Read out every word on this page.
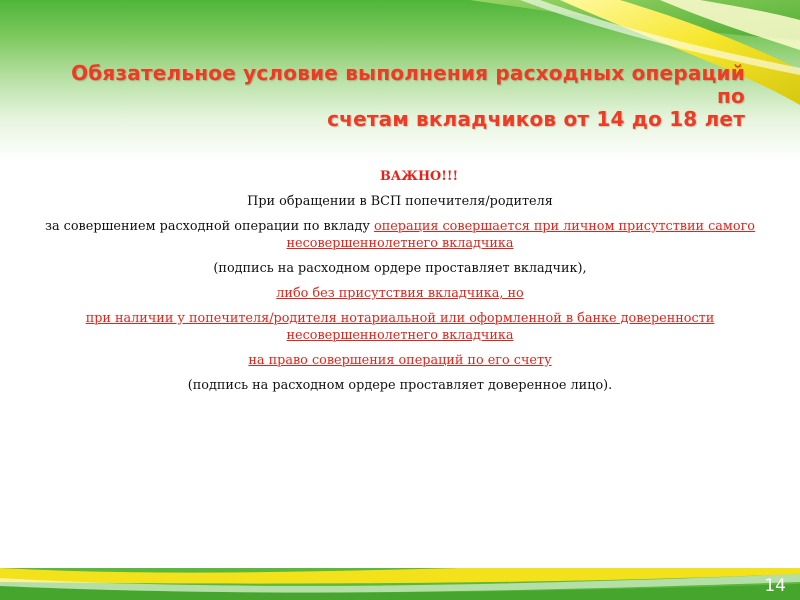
Обязательное условие выполнения расходных операций по
счетам вкладчиков от 14 до 18 лет

ВАЖНО!!!

При обращении в ВСП попечителя/родителя

за совершением расходной операции по вкладу операция совершается при личном присутствии самого несовершеннолетнего вкладчика

(подпись на расходном ордере проставляет вкладчик),

либо без присутствия вкладчика, но

при наличии у попечителя/родителя нотариальной или оформленной в банке доверенности несовершеннолетнего вкладчика

на право совершения операций по его счету

(подпись на расходном ордере проставляет доверенное лицо).

14
